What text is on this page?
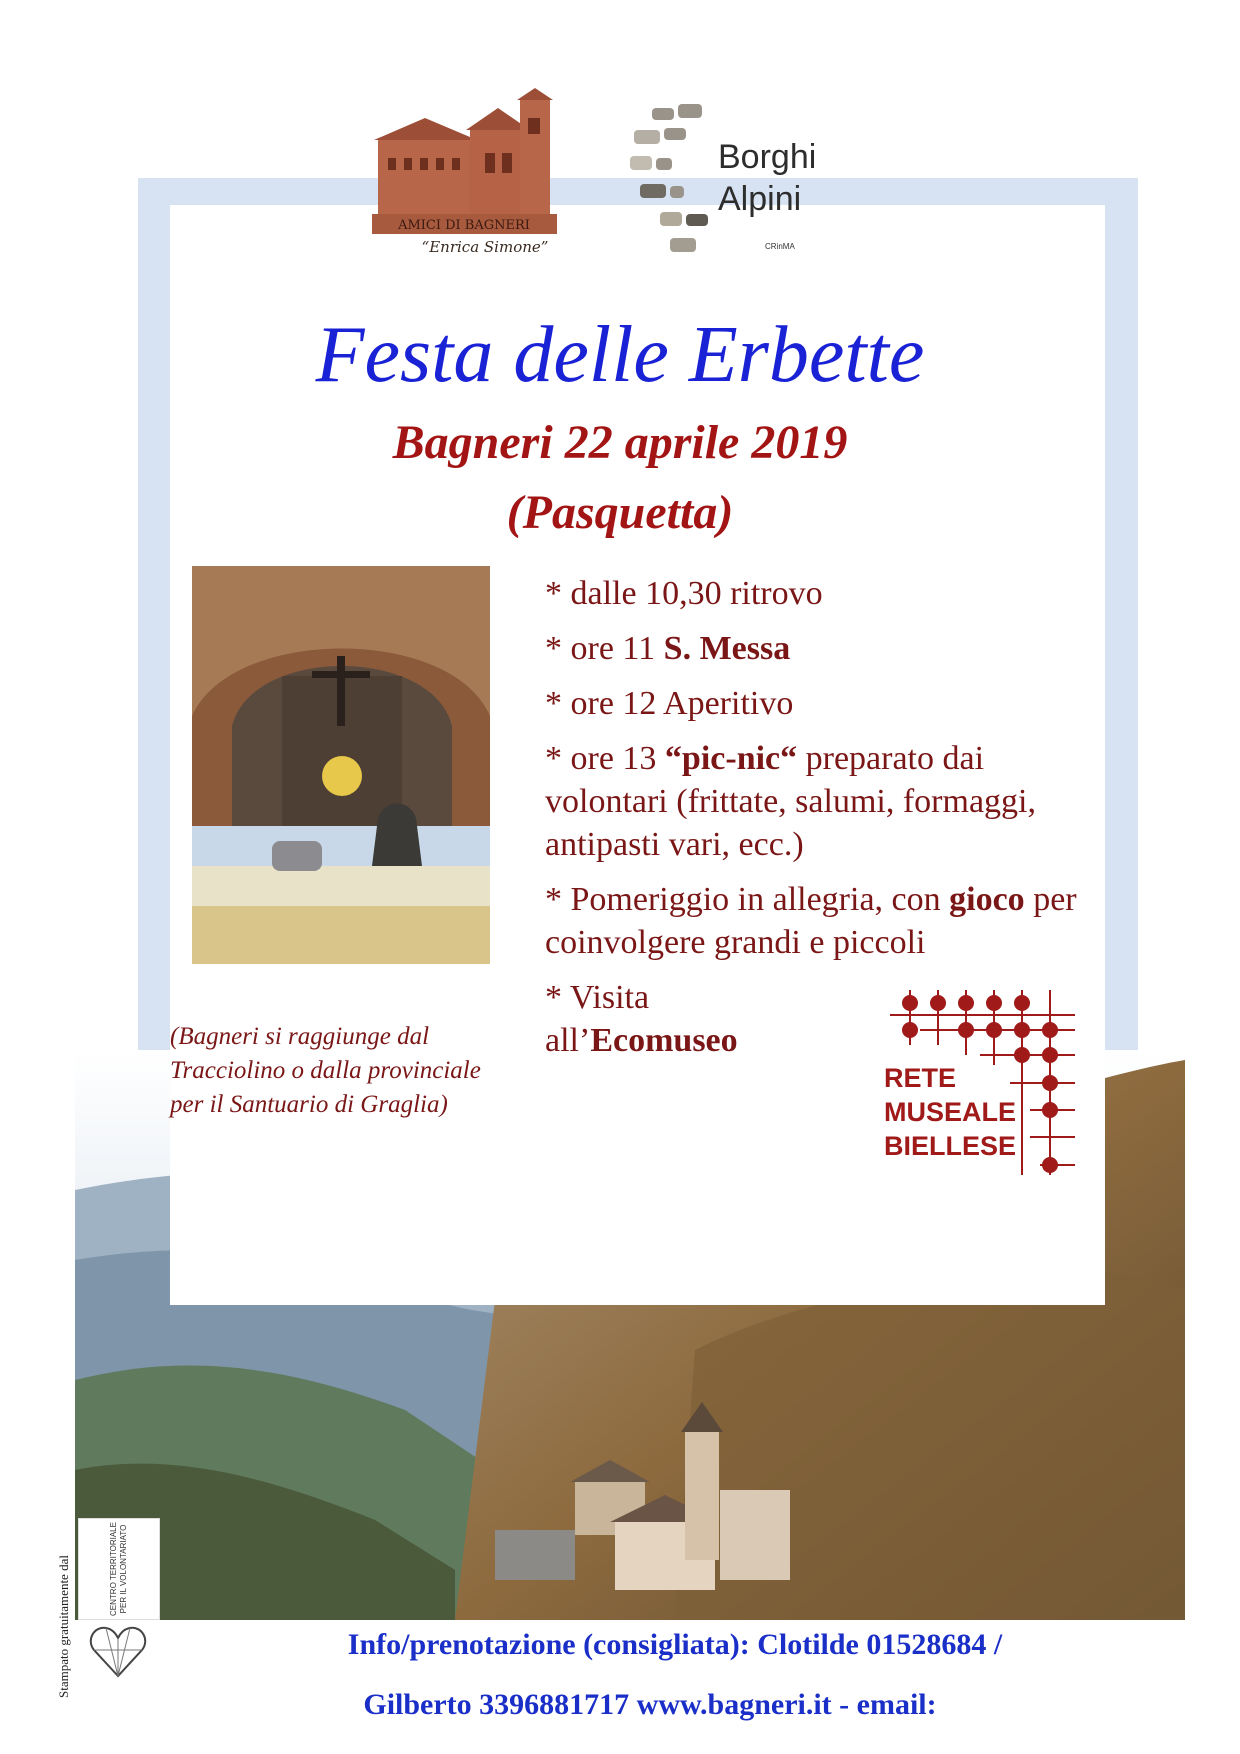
AMICI DI BAGNERI
“Enrica Simone”
Borghi
Alpini
CRinMA
Festa delle Erbette
Bagneri 22 aprile 2019
(Pasquetta)

* dalle 10,30 ritrovo

* ore 11 S. Messa

* ore 12 Aperitivo

* ore 13 “pic-nic“ preparato dai volontari (frittate, salumi, formaggi, antipasti vari, ecc.)

* Pomeriggio in allegria, con gioco per coinvolgere grandi e piccoli

* Visita all’Ecomuseo

(Bagneri si raggiunge dal Tracciolino o dalla provinciale per il Santuario di Graglia)
RETE
MUSEALE
BIELLESE
Stampato gratuitamente dal	CENTRO TERRITORIALE PER IL VOLONTARIATO
Info/prenotazione (consigliata): Clotilde 01528684 /
Gilberto 3396881717 www.bagneri.it - email:
